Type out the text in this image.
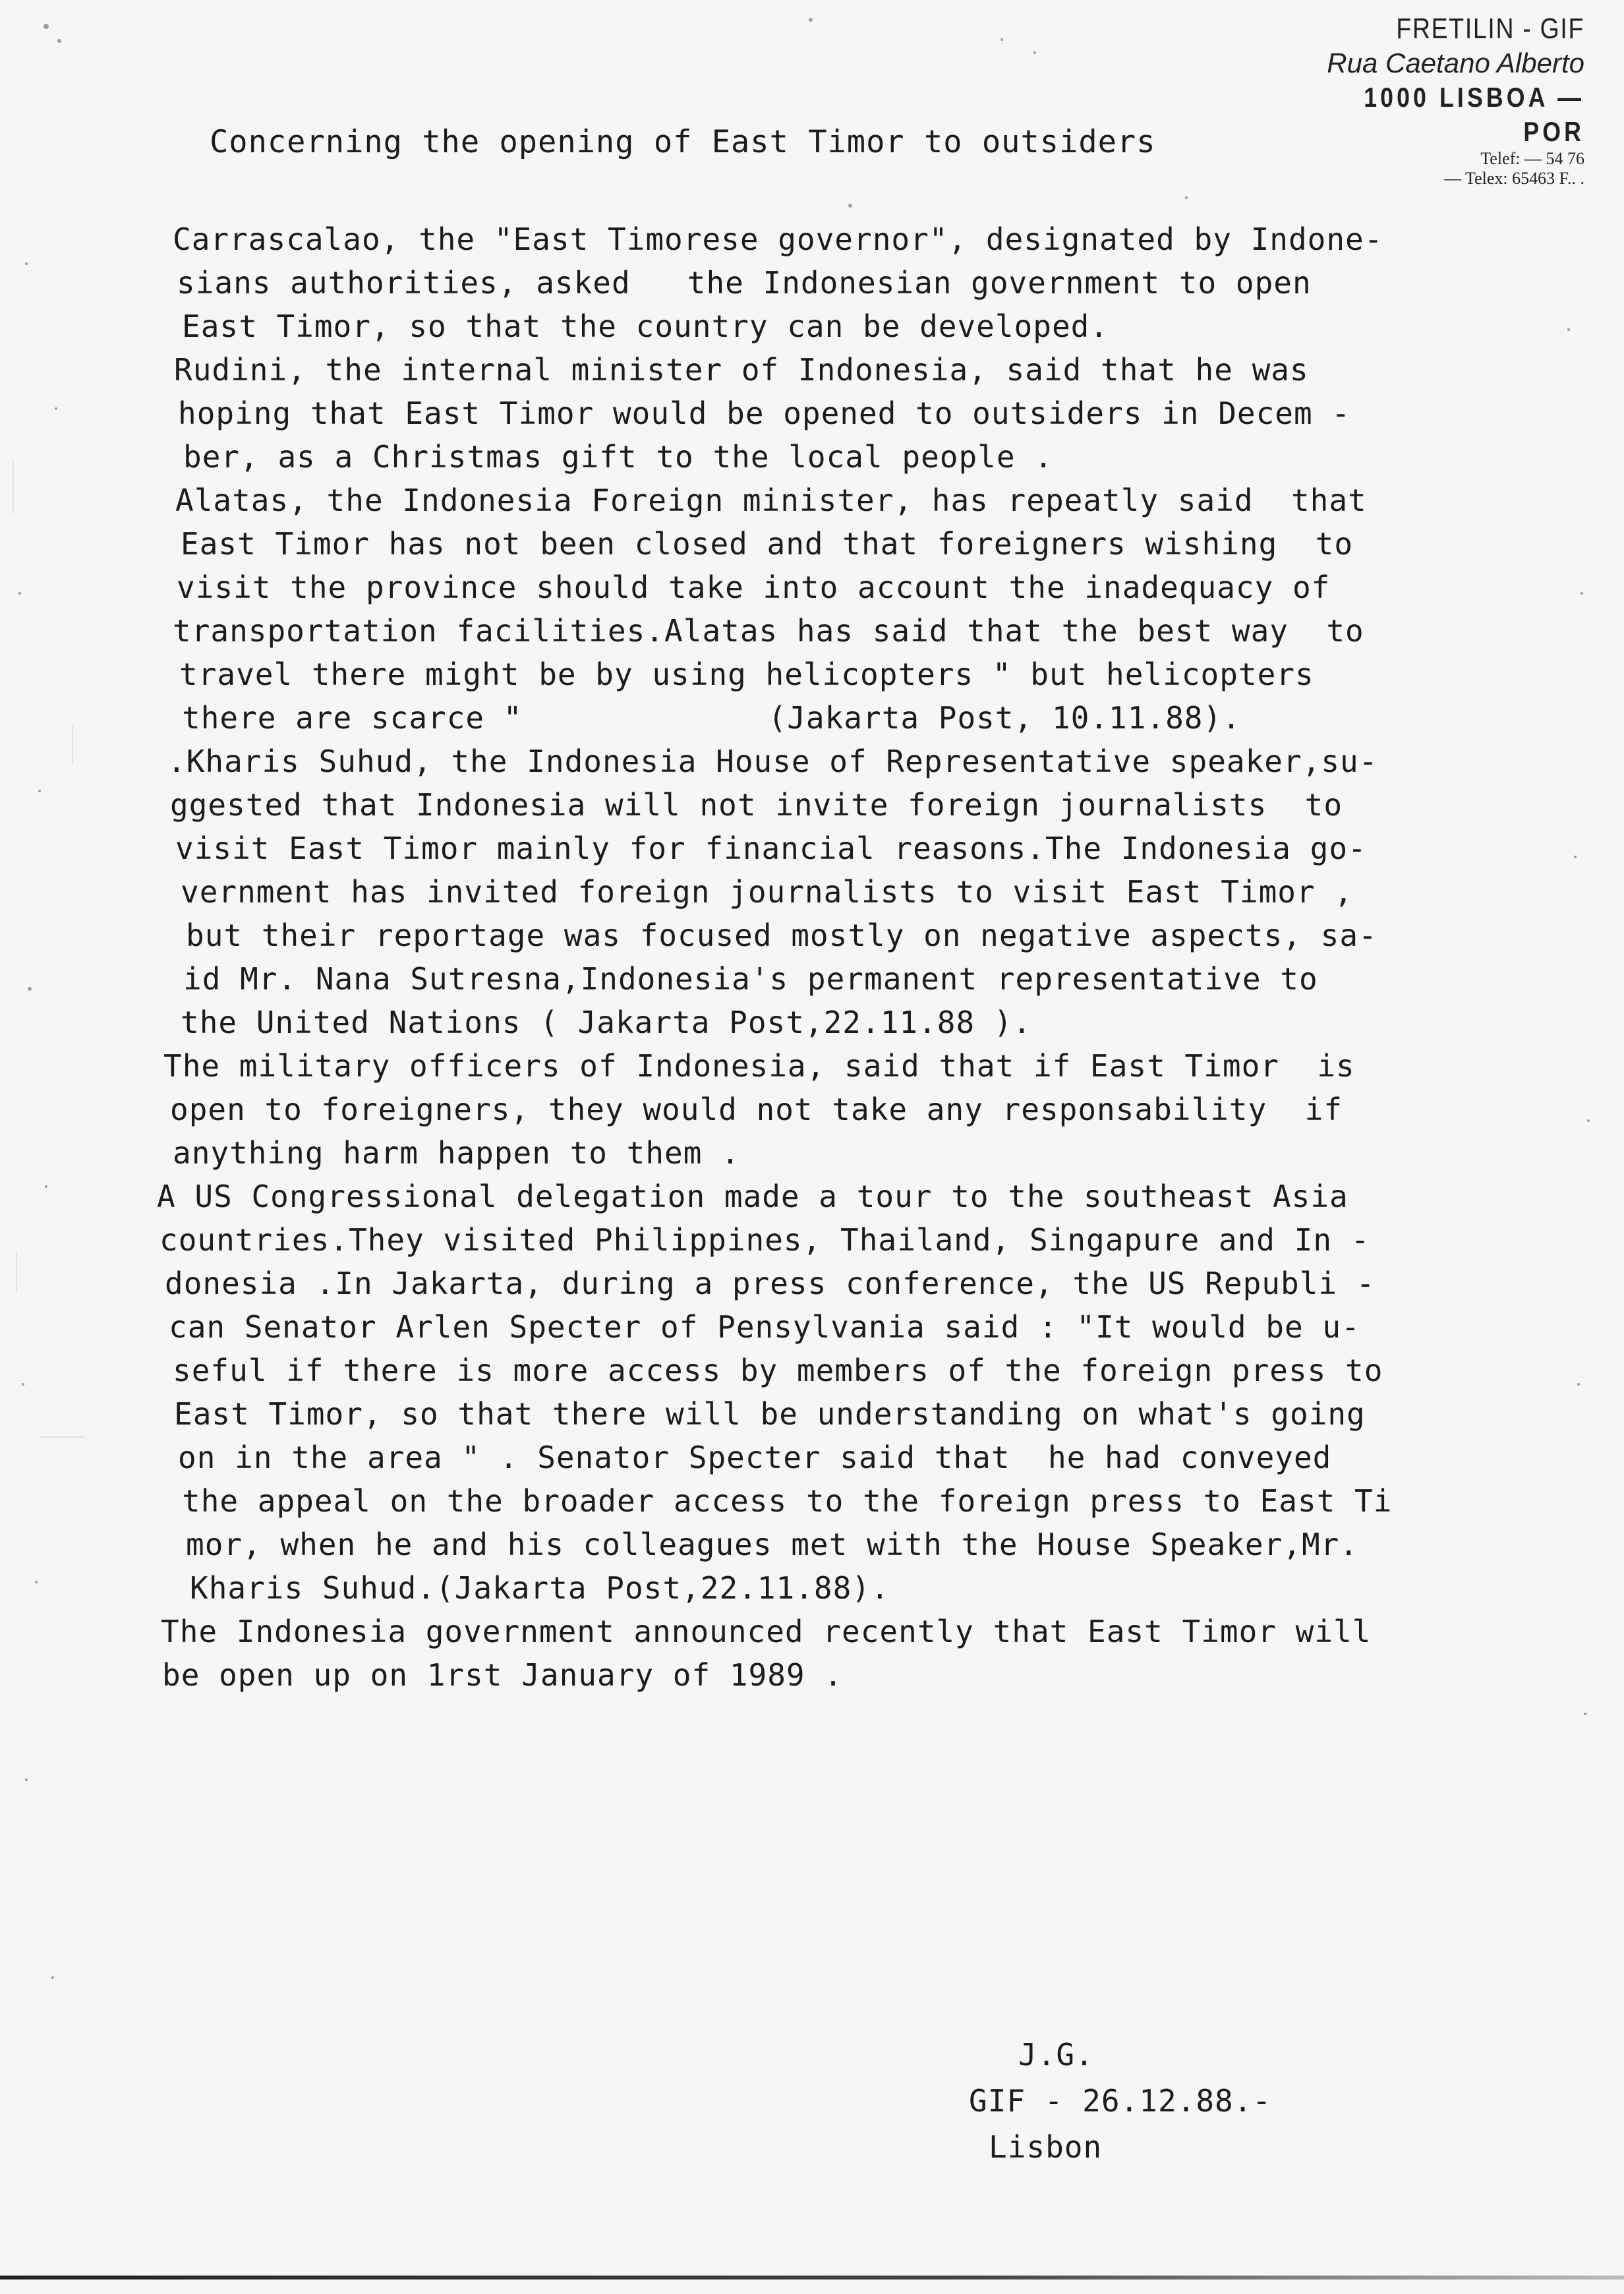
FRETILIN - GIF
Rua Caetano Alberto
1000 LISBOA — POR
Telef: — 54 76
— Telex: 65463 F.. .
Concerning the opening of East Timor to outsiders
Carrascalao, the "East Timorese governor", designated by Indone-
sians authorities, asked   the Indonesian government to open
East Timor, so that the country can be developed.
Rudini, the internal minister of Indonesia, said that he was
hoping that East Timor would be opened to outsiders in Decem -
ber, as a Christmas gift to the local people .
Alatas, the Indonesia Foreign minister, has repeatly said  that
East Timor has not been closed and that foreigners wishing  to
visit the province should take into account the inadequacy of
transportation facilities.Alatas has said that the best way  to
travel there might be by using helicopters " but helicopters
there are scarce "             (Jakarta Post, 10.11.88).
.Kharis Suhud, the Indonesia House of Representative speaker,su-
ggested that Indonesia will not invite foreign journalists  to
visit East Timor mainly for financial reasons.The Indonesia go-
vernment has invited foreign journalists to visit East Timor ,
but their reportage was focused mostly on negative aspects, sa-
id Mr. Nana Sutresna,Indonesia's permanent representative to
the United Nations ( Jakarta Post,22.11.88 ).
The military officers of Indonesia, said that if East Timor  is
open to foreigners, they would not take any responsability  if
anything harm happen to them .
A US Congressional delegation made a tour to the southeast Asia
countries.They visited Philippines, Thailand, Singapure and In -
donesia .In Jakarta, during a press conference, the US Republi -
can Senator Arlen Specter of Pensylvania said : "It would be u-
seful if there is more access by members of the foreign press to
East Timor, so that there will be understanding on what's going
on in the area " . Senator Specter said that  he had conveyed
the appeal on the broader access to the foreign press to East Ti
mor, when he and his colleagues met with the House Speaker,Mr.
Kharis Suhud.(Jakarta Post,22.11.88).
The Indonesia government announced recently that East Timor will
be open up on 1rst January of 1989 .
J.G.
GIF - 26.12.88.-
Lisbon
